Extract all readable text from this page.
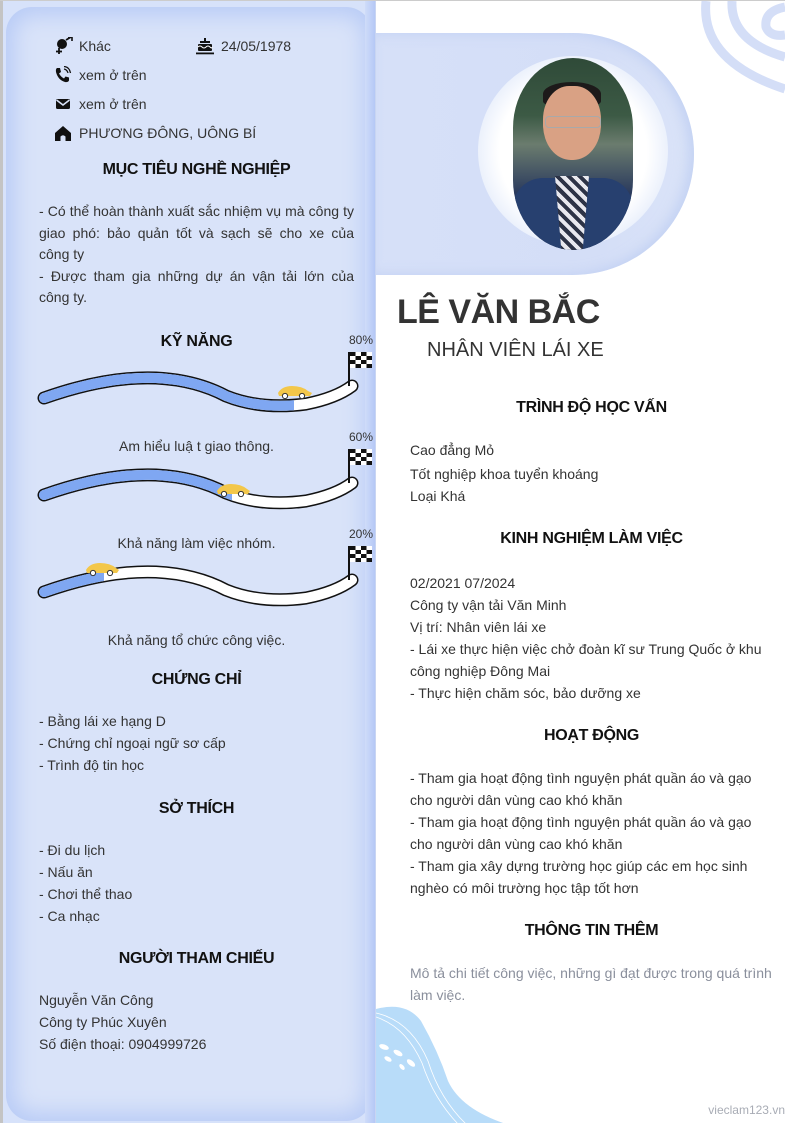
Khác	24/05/1978
xem ở trên
xem ở trên
PHƯƠNG ĐÔNG, UÔNG BÍ
MỤC TIÊU NGHỀ NGHIỆP
- Có thể hoàn thành xuất sắc nhiệm vụ mà công ty giao phó: bảo quản tốt và sạch sẽ cho xe của công ty
- Được tham gia những dự án vận tải lớn của công ty.
KỸ NĂNG	80%
Am hiểu luậ t giao thông.
60%
Khả năng làm việc nhóm.
20%
Khả năng tổ chức công việc.
CHỨNG CHỈ
- Bằng lái xe hạng D
- Chứng chỉ ngoại ngữ sơ cấp
- Trình độ tin học
SỞ THÍCH
- Đi du lịch
- Nấu ăn
- Chơi thể thao
- Ca nhạc
NGƯỜI THAM CHIẾU
Nguyễn Văn Công
Công ty Phúc Xuyên
Số điện thoại: 0904999726
LÊ VĂN BẮC
NHÂN VIÊN LÁI XE
TRÌNH ĐỘ HỌC VẤN
Cao đẳng Mỏ
Tốt nghiệp khoa tuyển khoáng
Loại Khá
KINH NGHIỆM LÀM VIỆC
02/2021 07/2024
Công ty vận tải Văn Minh
Vị trí: Nhân viên lái xe
- Lái xe thực hiện việc chở đoàn kĩ sư Trung Quốc ở khu công nghiệp Đông Mai
- Thực hiện chăm sóc, bảo dưỡng xe
HOẠT ĐỘNG
- Tham gia hoạt động tình nguyện phát quần áo và gạo cho người dân vùng cao khó khăn
- Tham gia hoạt động tình nguyện phát quần áo và gạo cho người dân vùng cao khó khăn
- Tham gia xây dựng trường học giúp các em học sinh nghèo có môi trường học tập tốt hơn
THÔNG TIN THÊM
Mô tả chi tiết công việc, những gì đạt được trong quá trình làm việc.
vieclam123.vn
